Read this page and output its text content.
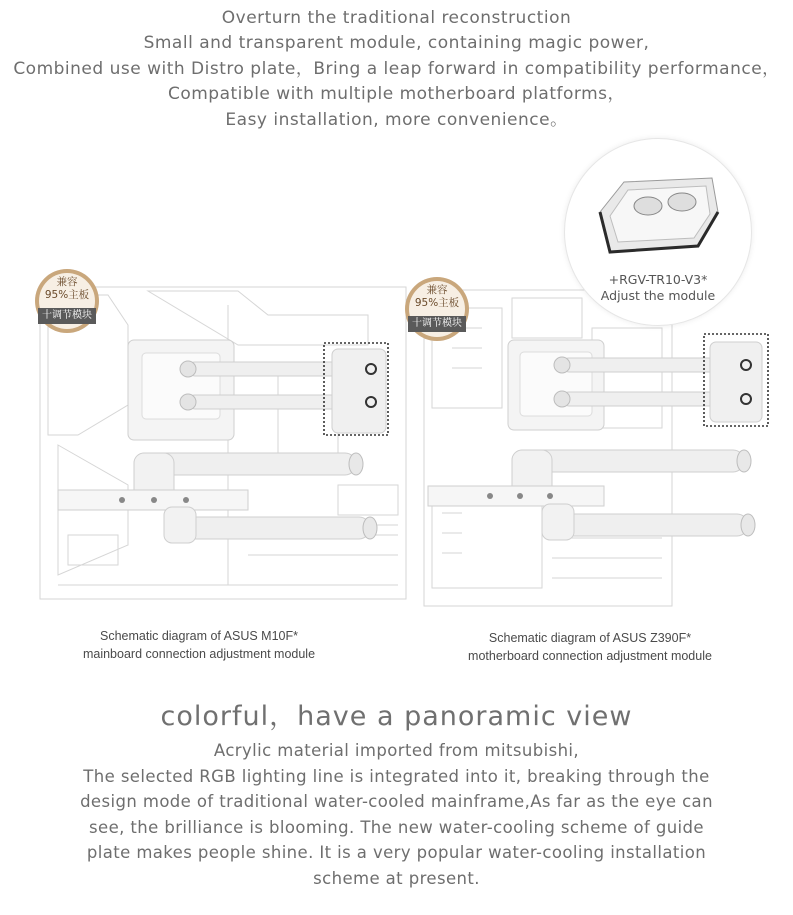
Overturn the traditional reconstruction
Small and transparent module, containing magic power,
Combined use with Distro plate，Bring a leap forward in compatibility performance，
Compatible with multiple motherboard platforms，
Easy installation, more convenience。
兼容
95%主板
十调节模块
兼容
95%主板
十调节模块
+RGV-TR10-V3*
Adjust the module
Schematic diagram of ASUS M10F*
mainboard connection adjustment module
Schematic diagram of ASUS Z390F*
motherboard connection adjustment module
colorful，have a panoramic view
Acrylic material imported from mitsubishi,
The selected RGB lighting line is integrated into it, breaking through the
design mode of traditional water-cooled mainframe,As far as the eye can
see, the brilliance is blooming. The new water-cooling scheme of guide
plate makes people shine. It is a very popular water-cooling installation
scheme at present.
